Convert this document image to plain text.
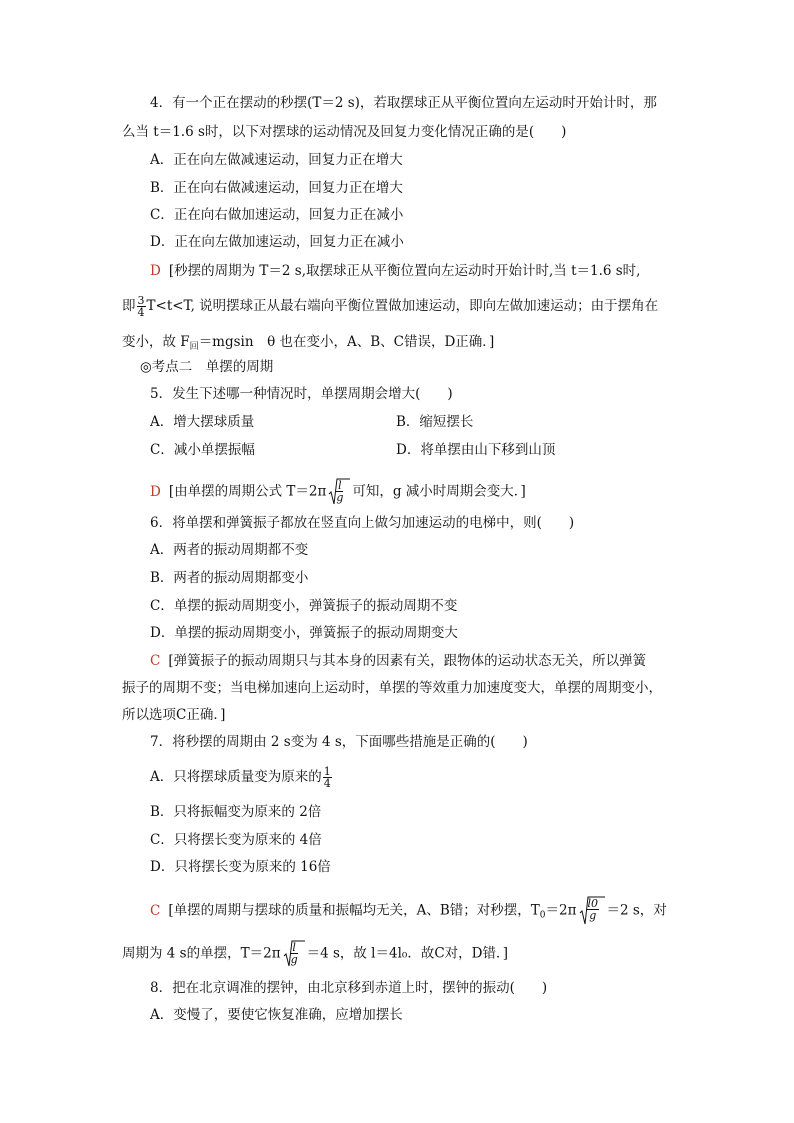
4．有一个正在摆动的秒摆(T＝2 s)，若取摆球正从平衡位置向左运动时开始计时，那
么当 t＝1.6 s时，以下对摆球的运动情况及回复力变化情况正确的是(　　)
A．正在向左做减速运动，回复力正在增大
B．正在向右做减速运动，回复力正在增大
C．正在向右做加速运动，回复力正在减小
D．正在向左做加速运动，回复力正在减小
D [秒摆的周期为 T＝2 s,取摆球正从平衡位置向左运动时开始计时,当 t＝1.6 s时,
即 $\frac{3}{4} T<t<T$, 说明摆球正从最右端向平衡位置做加速运动，即向左做加速运动；由于摆角在
变小，故 $F_回=mgsin$　θ 也在变小，A、B、C错误，D正确．]
◎考点二　单摆的周期
5．发生下述哪一种情况时，单摆周期会增大(　　)
A．增大摆球质量	B．缩短摆长
C．减小单摆振幅	D．将单摆由山下移到山顶
D [由单摆的周期公式 $T=2\pi \frac{l}{g}$ 可知，g 减小时周期会变大．]
6．将单摆和弹簧振子都放在竖直向上做匀加速运动的电梯中，则(　　)
A．两者的振动周期都不变
B．两者的振动周期都变小
C．单摆的振动周期变小，弹簧振子的振动周期不变
D．单摆的振动周期变小，弹簧振子的振动周期变大
C [弹簧振子的振动周期只与其本身的因素有关，跟物体的运动状态无关，所以弹簧
振子的周期不变；当电梯加速向上运动时，单摆的等效重力加速度变大，单摆的周期变小，
所以选项C正确．]
7．将秒摆的周期由 2 s变为 4 s，下面哪些措施是正确的(　　)
A．只将摆球质量变为原来的 $\frac{1}{4}$
B．只将振幅变为原来的 2倍
C．只将摆长变为原来的 4倍
D．只将摆长变为原来的 16倍
C [单摆的周期与摆球的质量和振幅均无关，A、B错；对秒摆，$T_0=2\pi \frac{l0}{g} =2$ s，对
周期为 4 s的单摆，$T=2\pi \frac{l}{g} =4$ s，故 l＝4l₀．故C对，D错．]
8．把在北京调准的摆钟，由北京移到赤道上时，摆钟的振动(　　)
A．变慢了，要使它恢复准确，应增加摆长
